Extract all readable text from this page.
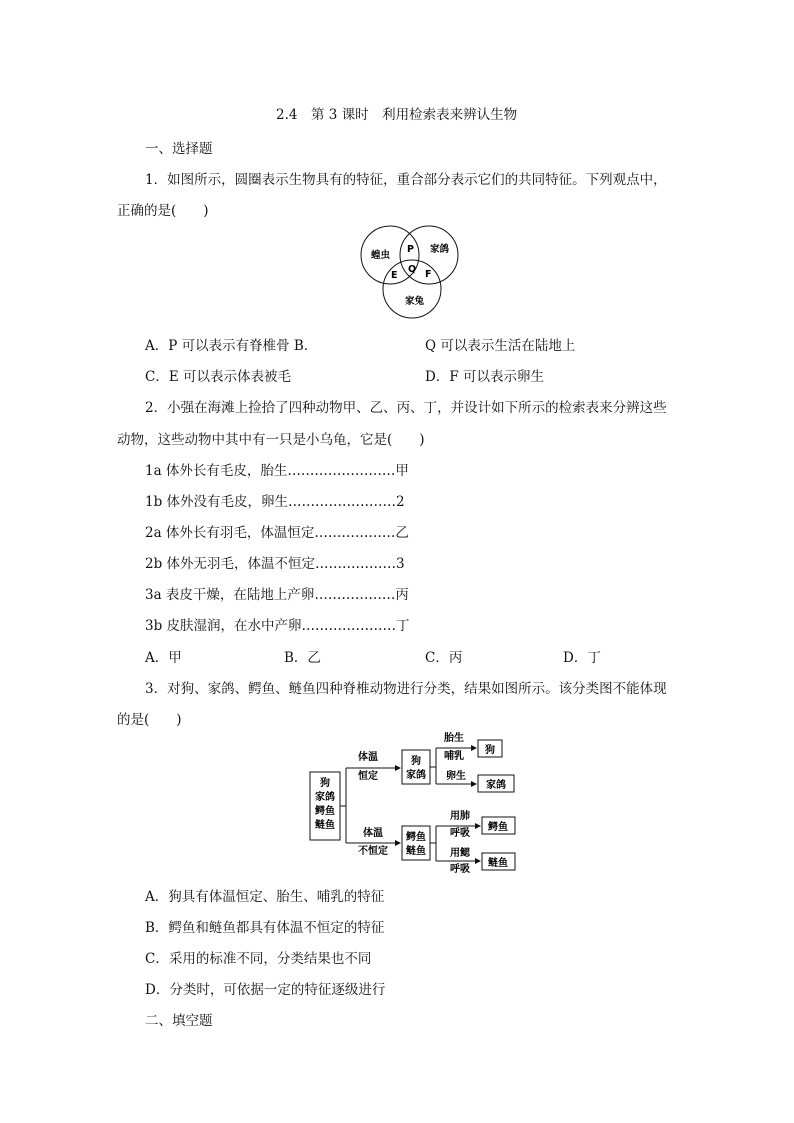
2.4　第 3 课时　利用检索表来辨认生物
一、选择题
1．如图所示，圆圈表示生物具有的特征，重合部分表示它们的共同特征。下列观点中，
正确的是(　　)
蝗虫
家鸽
家兔
P
Q
E	F
A．P 可以表示有脊椎骨 B．	Q 可以表示生活在陆地上
C．E 可以表示体表被毛	D．F 可以表示卵生
2．小强在海滩上捡拾了四种动物甲、乙、丙、丁，并设计如下所示的检索表来分辨这些
动物，这些动物中其中有一只是小乌龟，它是(　　)
1a 体外长有毛皮，胎生……………………甲
1b 体外没有毛皮，卵生……………………2
2a 体外长有羽毛，体温恒定………………乙
2b 体外无羽毛，体温不恒定………………3
3a 表皮干燥，在陆地上产卵………………丙
3b 皮肤湿润，在水中产卵…………………丁
A．甲	B．乙	C．丙	D．丁
3．对狗、家鸽、鳄鱼、鲢鱼四种脊椎动物进行分类，结果如图所示。该分类图不能体现
的是(　　)
狗
家鸽
鳄鱼
鲢鱼
体温
恒定
体温
不恒定
狗
家鸽
鳄鱼
鲢鱼
胎生
哺乳
卵生
狗
家鸽
用肺
呼吸
用鳃
呼吸
鳄鱼
鲢鱼
A．狗具有体温恒定、胎生、哺乳的特征
B．鳄鱼和鲢鱼都具有体温不恒定的特征
C．采用的标准不同，分类结果也不同
D．分类时，可依据一定的特征逐级进行
二、填空题
